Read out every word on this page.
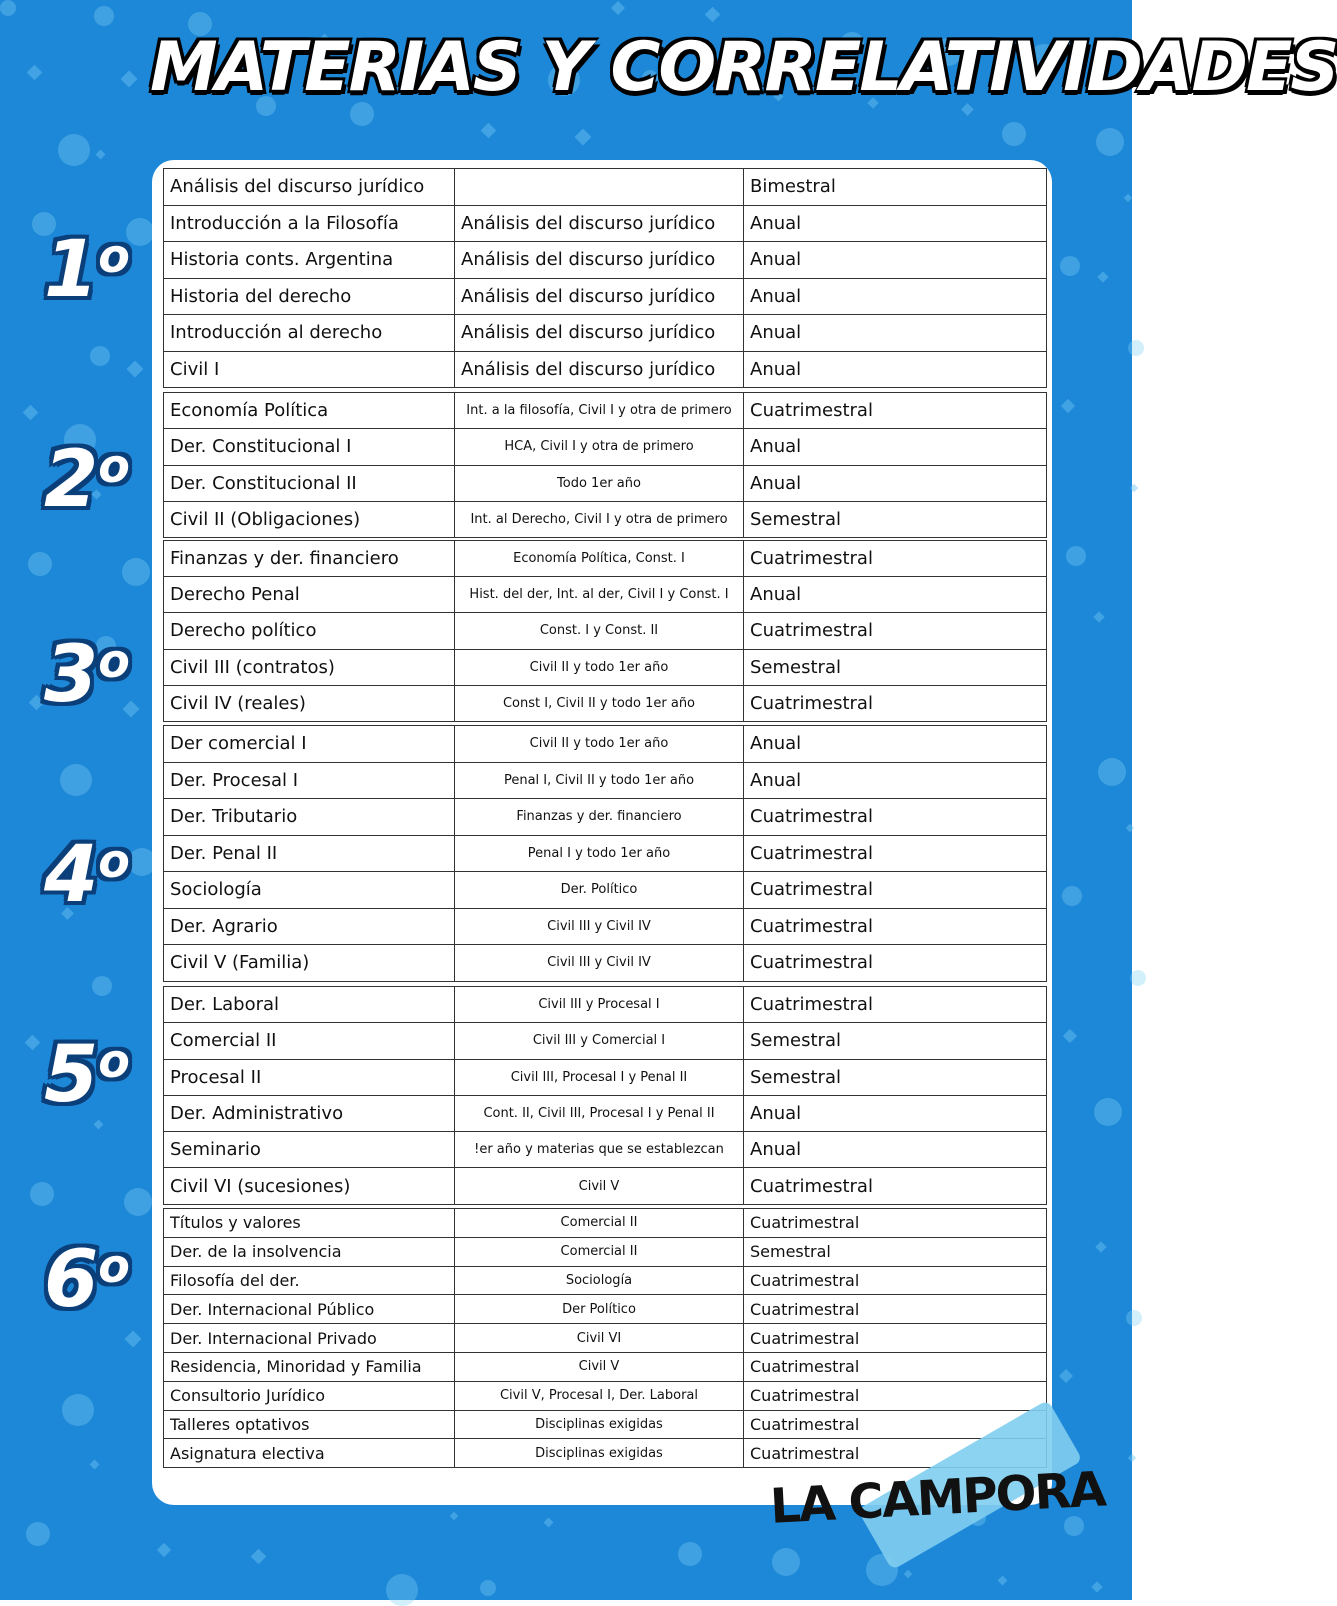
MATERIAS Y CORRELATIVIDADES
1$^o$
Análisis del discurso jurídico		Bimestral
Introducción a la Filosofía	Análisis del discurso jurídico	Anual
Historia conts. Argentina	Análisis del discurso jurídico	Anual
Historia del derecho	Análisis del discurso jurídico	Anual
Introducción al derecho	Análisis del discurso jurídico	Anual
Civil I	Análisis del discurso jurídico	Anual
2$^o$
Economía Política	Int. a la filosofía, Civil I y otra de primero	Cuatrimestral
Der. Constitucional I	HCA, Civil I y otra de primero	Anual
Der. Constitucional II	Todo 1er año	Anual
Civil II (Obligaciones)	Int. al Derecho, Civil I y otra de primero	Semestral
3$^o$
Finanzas y der. financiero	Economía Política, Const. I	Cuatrimestral
Derecho Penal	Hist. del der, Int. al der, Civil I y Const. I	Anual
Derecho político	Const. I y Const. II	Cuatrimestral
Civil III (contratos)	Civil II y todo 1er año	Semestral
Civil IV (reales)	Const I, Civil II y todo 1er año	Cuatrimestral
4$^o$
Der comercial I	Civil II y todo 1er año	Anual
Der. Procesal I	Penal I, Civil II y todo 1er año	Anual
Der. Tributario	Finanzas y der. financiero	Cuatrimestral
Der. Penal II	Penal I y todo 1er año	Cuatrimestral
Sociología	Der. Político	Cuatrimestral
Der. Agrario	Civil III y Civil IV	Cuatrimestral
Civil V (Familia)	Civil III y Civil IV	Cuatrimestral
5$^o$
Der. Laboral	Civil III y Procesal I	Cuatrimestral
Comercial II	Civil III y Comercial I	Semestral
Procesal II	Civil III, Procesal I y Penal II	Semestral
Der. Administrativo	Cont. II, Civil III, Procesal I y Penal II	Anual
Seminario	!er año y materias que se establezcan	Anual
Civil VI (sucesiones)	Civil V	Cuatrimestral
6$^o$
Títulos y valores	Comercial II	Cuatrimestral
Der. de la insolvencia	Comercial II	Semestral
Filosofía del der.	Sociología	Cuatrimestral
Der. Internacional Público	Der Político	Cuatrimestral
Der. Internacional Privado	Civil VI	Cuatrimestral
Residencia, Minoridad y Familia	Civil V	Cuatrimestral
Consultorio Jurídico	Civil V, Procesal I, Der. Laboral	Cuatrimestral
Talleres optativos	Disciplinas exigidas	Cuatrimestral
Asignatura electiva	Disciplinas exigidas	Cuatrimestral
LA CAMPORA
